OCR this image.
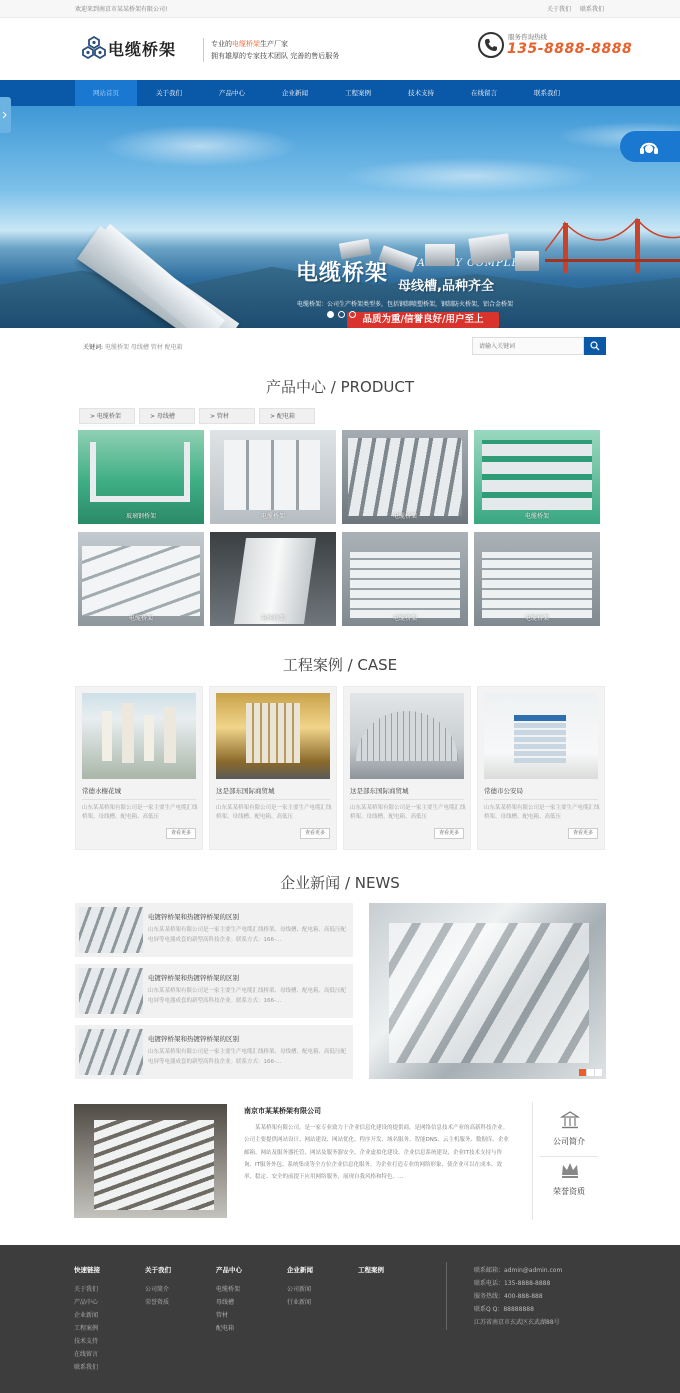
欢迎来到南京市某某桥架有限公司!	关于我们 联系我们
电缆桥架	专业的电缆桥架生产厂家
拥有雄厚的专家技术团队 完善的售后服务
服务咨询热线
135-8888-8888
网站首页	关于我们	产品中心	企业新闻	工程案例	技术支持	在线留言	联系我们
电缆桥架	COMPLETE
母线槽,品种齐全
电缆桥架：公司生产桥架类型多，包括钢制喷塑桥架，钢制防火桥架，铝合金桥架
品质为重/信誉良好/用户至上
关键词: 电缆桥架 母线槽 管材 配电箱
请输入关键词
产品中心 / PRODUCT
> 电缆桥架	> 母线槽	> 管材	> 配电箱
玻璃钢桥架	电缆桥架	电缆桥架	电缆桥架
电缆桥架	电缆桥架	电缆桥架	电缆桥架
工程案例 / CASE
常德水榭花城
山东某某桥架有限公司是一家主要生产电缆汇线桥架、母线槽、配电箱、高低压
查看更多
这是部东国际商贸城
山东某某桥架有限公司是一家主要生产电缆汇线桥架、母线槽、配电箱、高低压
查看更多
这是部东国际商贸城
山东某某桥架有限公司是一家主要生产电缆汇线桥架、母线槽、配电箱、高低压
查看更多
常德市公安局
山东某某桥架有限公司是一家主要生产电缆汇线桥架、母线槽、配电箱、高低压
查看更多
企业新闻 / NEWS
电镀锌桥架和热镀锌桥架的区别
山东某某桥架有限公司是一家主要生产电缆汇线桥架、母线槽、配电箱、高低压配电屏等电器成套的新型高科技企业。联系方式：166-...
电镀锌桥架和热镀锌桥架的区别
山东某某桥架有限公司是一家主要生产电缆汇线桥架、母线槽、配电箱、高低压配电屏等电器成套的新型高科技企业。联系方式：166-...
电镀锌桥架和热镀锌桥架的区别
山东某某桥架有限公司是一家主要生产电缆汇线桥架、母线槽、配电箱、高低压配电屏等电器成套的新型高科技企业。联系方式：166-...
南京市某某桥架有限公司
某某桥架有限公司，是一家专业致力于企业信息化建设的提供商，是网络信息技术产业的高新科技企业。公司主要提供网站设计、网站建设、网站优化、程序开发、域名服务、智能DNS、云主机服务、数据库、企业邮箱、网站及服务器托管、网站及服务器安全、企业虚拟化建设、企业信息系统建设、企业IT技术支持与咨询、IT服务外包、系统集成等全方位企业信息化服务。为企业打造专业的网络形象，使企业可以在成本、效率、稳定、安全的前提下应用网络服务，展现自我风格和特色。...
公司简介
荣誉资质
快速链接
关于我们
产品中心
企业新闻
工程案例
技术支持
在线留言
联系我们
关于我们
公司简介
荣誉资质
产品中心
电缆桥架
母线槽
管材
配电箱
企业新闻
公司新闻
行业新闻
工程案例	联系邮箱：admin@admin.com
联系电话：135-8888-8888
服务热线：400-888-888
联系Q Q：88888888
江苏省南京市玄武区玄武湖88号
